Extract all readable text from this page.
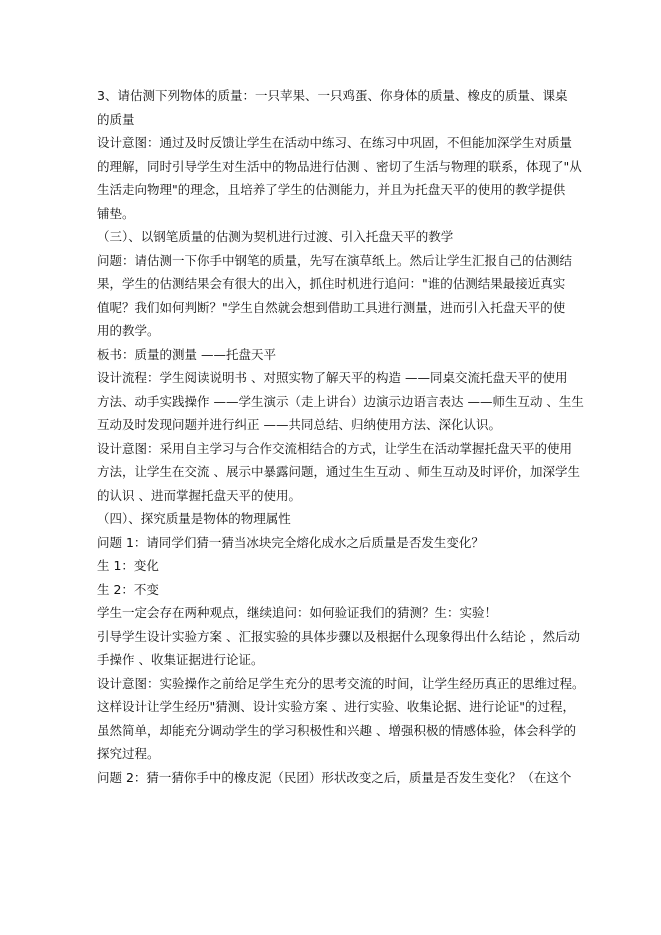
3、请估测下列物体的质量：一只苹果、一只鸡蛋、你身体的质量、橡皮的质量、课桌
的质量
设计意图：通过及时反馈让学生在活动中练习、在练习中巩固，不但能加深学生对质量
的理解，同时引导学生对生活中的物品进行估测 、密切了生活与物理的联系，体现了"从
生活走向物理"的理念，且培养了学生的估测能力，并且为托盘天平的使用的教学提供
铺垫。
（三）、以钢笔质量的估测为契机进行过渡、引入托盘天平的教学
问题：请估测一下你手中钢笔的质量，先写在演草纸上。然后让学生汇报自己的估测结
果，学生的估测结果会有很大的出入，抓住时机进行追问："谁的估测结果最接近真实
值呢？我们如何判断？"学生自然就会想到借助工具进行测量，进而引入托盘天平的使
用的教学。
板书：质量的测量 ——托盘天平
设计流程：学生阅读说明书 、对照实物了解天平的构造 ——同桌交流托盘天平的使用
方法、动手实践操作 ——学生演示（走上讲台）边演示边语言表达 ——师生互动 、生生
互动及时发现问题并进行纠正 ——共同总结、归纳使用方法、深化认识。
设计意图：采用自主学习与合作交流相结合的方式，让学生在活动掌握托盘天平的使用
方法，让学生在交流 、展示中暴露问题，通过生生互动 、师生互动及时评价，加深学生
的认识 、进而掌握托盘天平的使用。
（四）、探究质量是物体的物理属性
问题 1：请同学们猜一猜当冰块完全熔化成水之后质量是否发生变化？
生 1：变化
生 2：不变
学生一定会存在两种观点，继续追问：如何验证我们的猜测？生：实验！
引导学生设计实验方案 、汇报实验的具体步骤以及根据什么现象得出什么结论 ，然后动
手操作 、收集证据进行论证。
设计意图：实验操作之前给足学生充分的思考交流的时间，让学生经历真正的思维过程。
这样设计让学生经历"猜测、设计实验方案 、进行实验、收集论据、进行论证"的过程，
虽然简单，却能充分调动学生的学习积极性和兴趣 、增强积极的情感体验，体会科学的
探究过程。
问题 2：猜一猜你手中的橡皮泥（民团）形状改变之后，质量是否发生变化？（在这个
